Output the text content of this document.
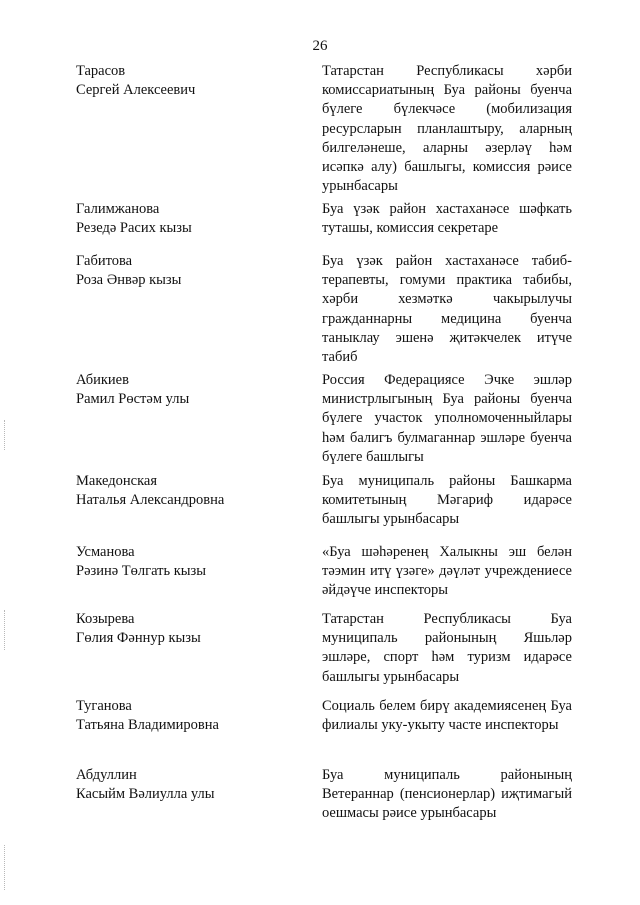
26
Тарасов
Сергей Алексеевич
Татарстан Республикасы хәрби комиссариатының Буа районы буенча бүлеге бүлекчәсе (мобилизация ресурсларын планлаштыру, аларның билгеләнеше, аларны әзерләү һәм исәпкә алу) башлыгы, комиссия рәисе урынбасары
Галимжанова
Резедә Расих кызы
Буа үзәк район хастаханәсе шәфкать туташы, комиссия секретаре
Габитова
Роза Әнвәр кызы
Буа үзәк район хастаханәсе табиб-терапевты, гомуми практика табибы, хәрби хезмәткә чакырылучы гражданнарны медицина буенча таныклау эшенә җитәкчелек итүче табиб
Абикиев
Рамил Рөстәм улы
Россия Федерациясе Эчке эшләр министрлыгының Буа районы буенча бүлеге участок уполномоченныйлары һәм балигъ булмаганнар эшләре буенча бүлеге башлыгы
Македонская
Наталья Александровна
Буа муниципаль районы Башкарма комитетының Мәгариф идарәсе башлыгы урынбасары
Усманова
Рәзинә Төлгать кызы
«Буа шәһәренең Халыкны эш белән тәэмин итү үзәге» дәүләт учреждениесе әйдәүче инспекторы
Козырева
Гөлия Фәннур кызы
Татарстан Республикасы Буа муниципаль районының Яшьләр эшләре, спорт һәм туризм идарәсе башлыгы урынбасары
Туганова
Татьяна Владимировна
Социаль белем бирү академиясенең Буа филиалы уку-укыту часте инспекторы
Абдуллин
Касыйм Вәлиулла улы
Буа муниципаль районының Ветераннар (пенсионерлар) иҗтимагый оешмасы рәисе урынбасары
